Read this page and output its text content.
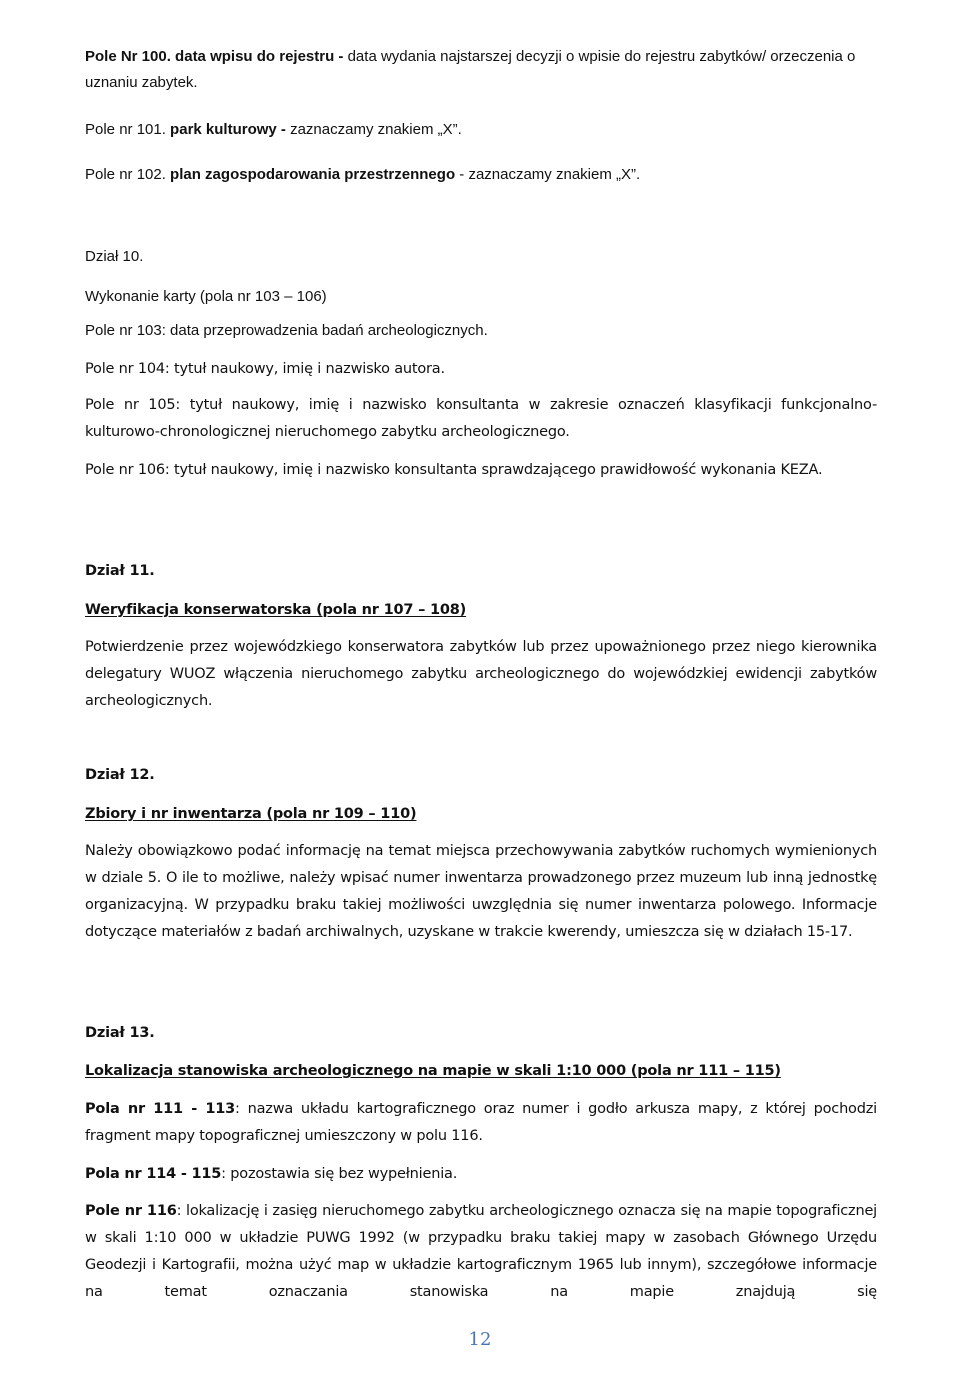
Pole Nr 100. data wpisu do rejestru - data wydania najstarszej decyzji o wpisie do rejestru zabytków/ orzeczenia o uznaniu zabytek.

Pole nr 101. park kulturowy - zaznaczamy znakiem „X”.

Pole nr 102. plan zagospodarowania przestrzennego - zaznaczamy znakiem „X”.

Dział 10.

Wykonanie karty (pola nr 103 – 106)

Pole nr 103: data przeprowadzenia badań archeologicznych.

Pole nr 104: tytuł naukowy, imię i nazwisko autora.

Pole nr 105: tytuł naukowy, imię i nazwisko konsultanta w zakresie oznaczeń klasyfikacji funkcjonalno-kulturowo-chronologicznej nieruchomego zabytku archeologicznego.

Pole nr 106: tytuł naukowy, imię i nazwisko konsultanta sprawdzającego prawidłowość wykonania KEZA.

Dział 11.

Weryfikacja konserwatorska (pola nr 107 – 108)

Potwierdzenie przez wojewódzkiego konserwatora zabytków lub przez upoważnionego przez niego kierownika delegatury WUOZ włączenia nieruchomego zabytku archeologicznego do wojewódzkiej ewidencji zabytków archeologicznych.

Dział 12.

Zbiory i nr inwentarza (pola nr 109 – 110)

Należy obowiązkowo podać informację na temat miejsca przechowywania zabytków ruchomych wymienionych w dziale 5. O ile to możliwe, należy wpisać numer inwentarza prowadzonego przez muzeum lub inną jednostkę organizacyjną. W przypadku braku takiej możliwości uwzględnia się numer inwentarza polowego. Informacje dotyczące materiałów z badań archiwalnych, uzyskane w trakcie kwerendy, umieszcza się w działach 15-17.

Dział 13.

Lokalizacja stanowiska archeologicznego na mapie w skali 1:10 000 (pola nr 111 – 115)

Pola nr 111 - 113: nazwa układu kartograficznego oraz numer i godło arkusza mapy, z której pochodzi fragment mapy topograficznej umieszczony w polu 116.

Pola nr 114 - 115: pozostawia się bez wypełnienia.

Pole nr 116: lokalizację i zasięg nieruchomego zabytku archeologicznego oznacza się na mapie topograficznej w skali 1:10 000 w układzie PUWG 1992 (w przypadku braku takiej mapy w zasobach Głównego Urzędu Geodezji i Kartografii, można użyć map w układzie kartograficznym 1965 lub innym), szczegółowe informacje na temat oznaczania stanowiska na mapie znajdują się

12
